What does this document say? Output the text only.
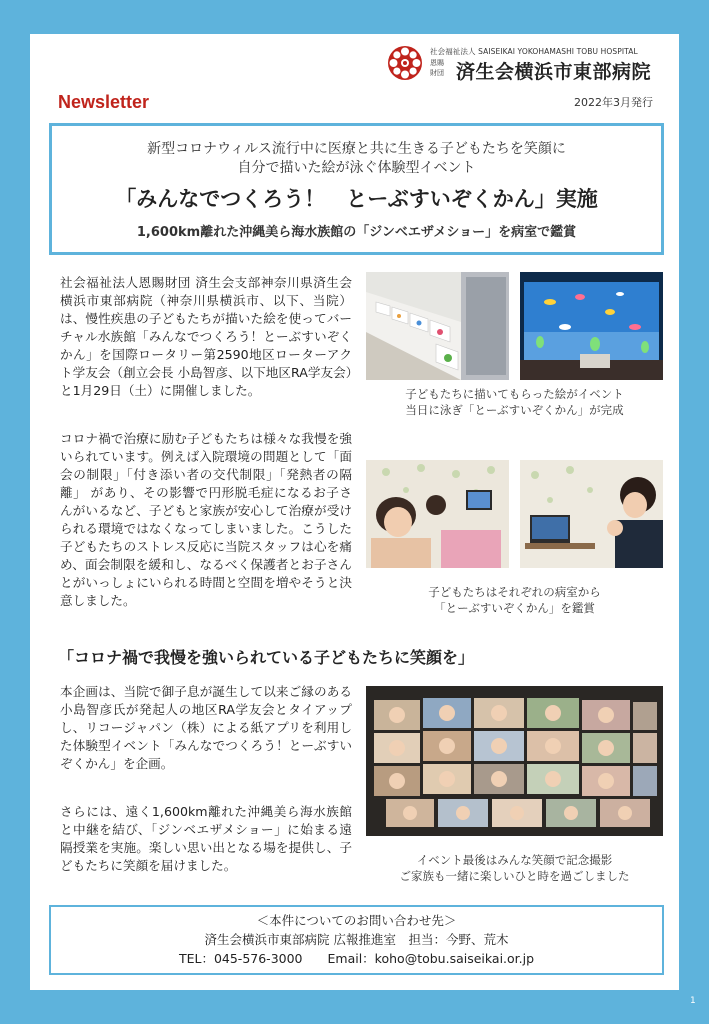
社会福祉法人 SAISEIKAI YOKOHAMASHI TOBU HOSPITAL
恩賜
財団 済生会横浜市東部病院
Newsletter	2022年3月発行
新型コロナウィルス流行中に医療と共に生きる子どもたちを笑顔に
自分で描いた絵が泳ぐ体験型イベント
「みんなでつくろう！　とーぶすいぞくかん」実施
1,600km離れた沖縄美ら海水族館の「ジンベエザメショー」を病室で鑑賞
社会福祉法人恩賜財団 済生会支部神奈川県済生会横浜市東部病院（神奈川県横浜市、以下、当院）は、慢性疾患の子どもたちが描いた絵を使ってバーチャル水族館「みんなでつくろう！とーぶすいぞくかん」を国際ロータリー第2590地区ローターアクト学友会（創立会長 小島智彦、以下地区RA学友会）と1月29日（土）に開催しました。
コロナ禍で治療に励む子どもたちは様々な我慢を強いられています。例えば入院環境の問題として「面会の制限」「付き添い者の交代制限」「発熱者の隔離」 があり、その影響で円形脱毛症になるお子さんがいるなど、子どもと家族が安心して治療が受けられる環境ではなくなってしまいました。こうした子どもたちのストレス反応に当院スタッフは心を痛め、面会制限を緩和し、なるべく保護者とお子さんとがいっしょにいられる時間と空間を増やそうと決意しました。
子どもたちに描いてもらった絵がイベント
当日に泳ぎ「とーぶすいぞくかん」が完成
子どもたちはそれぞれの病室から
「とーぶすいぞくかん」を鑑賞
「コロナ禍で我慢を強いられている子どもたちに笑顔を」
本企画は、当院で御子息が誕生して以来ご縁のある小島智彦氏が発起人の地区RA学友会とタイアップし、リコージャパン（株）による紙アプリを利用した体験型イベント「みんなでつくろう！とーぶすいぞくかん」を企画。
さらには、遠く1,600km離れた沖縄美ら海水族館と中継を結び、「ジンベエザメショー」に始まる遠隔授業を実施。楽しい思い出となる場を提供し、子どもたちに笑顔を届けました。	イベント最後はみんな笑顔で記念撮影
ご家族も一緒に楽しいひと時を過ごしました
＜本件についてのお問い合わせ先＞
済生会横浜市東部病院 広報推進室　担当：今野、荒木
TEL：045-576-3000　　Email：koho@tobu.saiseikai.or.jp
1
